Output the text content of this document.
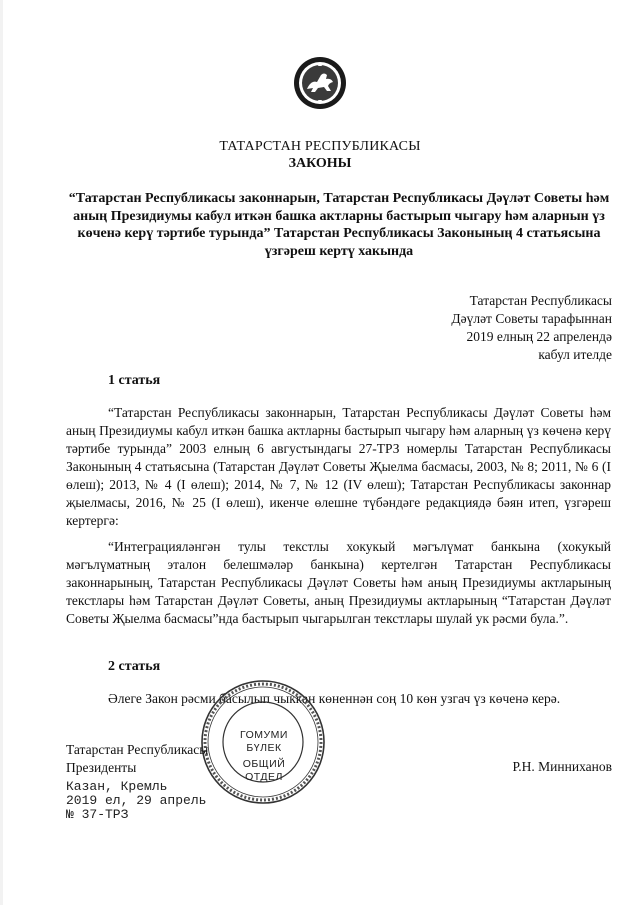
ТАТАРСТАН РЕСПУБЛИКАСЫ
ЗАКОНЫ
“Татарстан Республикасы законнарын, Татарстан Республикасы Дәүләт Советы һәм аның Президиумы кабул иткән башка актларны бастырып чыгару һәм аларнын үз көченә керү тәртибе турында” Татарстан Республикасы Законының 4 статьясына үзгәреш кертү хакында
Татарстан Республикасы
Дәүләт Советы тарафыннан
2019 елның 22 апрелендә
кабул ителде
1 статья

“Татарстан Республикасы законнарын, Татарстан Республикасы Дәүләт Советы һәм аның Президиумы кабул иткән башка актларны бастырып чыгару һәм аларның үз көченә керү тәртибе турында” 2003 елның 6 августындагы 27-ТРЗ номерлы Татарстан Республикасы Законының 4 статьясына (Татарстан Дәүләт Советы Җыелма басмасы, 2003, № 8; 2011, № 6 (I өлеш); 2013, № 4 (I өлеш); 2014, № 7, № 12 (IV өлеш); Татарстан Республикасы законнар җыелмасы, 2016, № 25 (I өлеш), икенче өлешне түбәндәге редакциядә бәян итеп, үзгәреш кертергә:

“Интеграцияләнгән тулы текстлы хокукый мәгълүмат банкына (хокукый мәгълүматның эталон белешмәләр банкына) кертелгән Татарстан Республикасы законнарының, Татарстан Республикасы Дәүләт Советы һәм аның Президиумы актларының текстлары һәм Татарстан Дәүләт Советы, аның Президиумы актларының “Татарстан Дәүләт Советы Җыелма басмасы”нда бастырып чыгарылган текстлары шулай ук рәсми була.”.

2 статья

Әлеге Закон рәсми басылып чыккан көненнән соң 10 көн узгач үз көченә керә.

ГОМУМИ
БҮЛЕК
ОБЩИЙ
ОТДЕЛ
Татарстан Республикасы
Президенты	Р.Н. Минниханов
Казан, Кремль
2019 ел, 29 апрель
№ 37-ТРЗ
